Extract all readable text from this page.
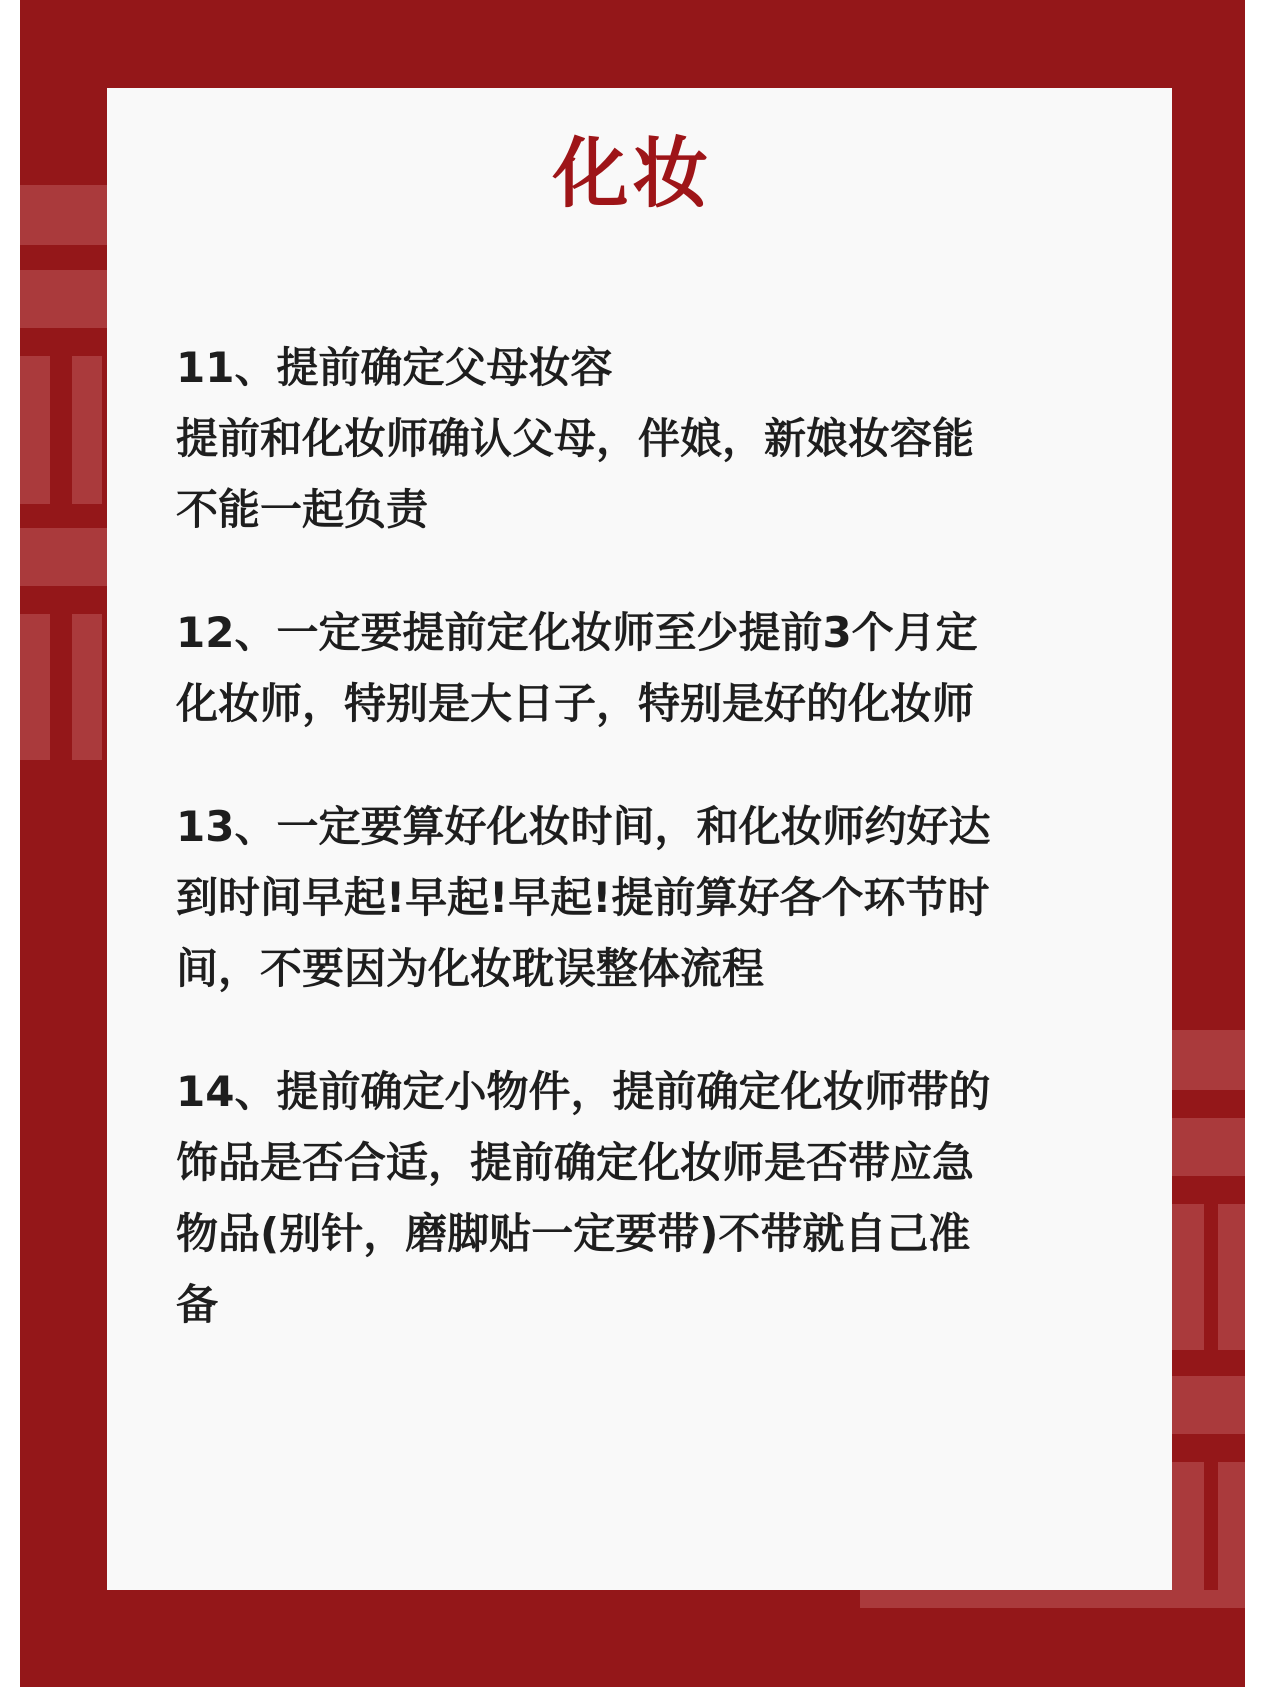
化妆

11、提前确定父母妆容

提前和化妆师确认父母，伴娘，新娘妆容能

不能一起负责

12、一定要提前定化妆师至少提前3个月定

化妆师，特别是大日子，特别是好的化妆师

13、一定要算好化妆时间，和化妆师约好达

到时间早起!早起!早起!提前算好各个环节时

间，不要因为化妆耽误整体流程

14、提前确定小物件，提前确定化妆师带的

饰品是否合适，提前确定化妆师是否带应急

物品(别针，磨脚贴一定要带)不带就自己准

备
